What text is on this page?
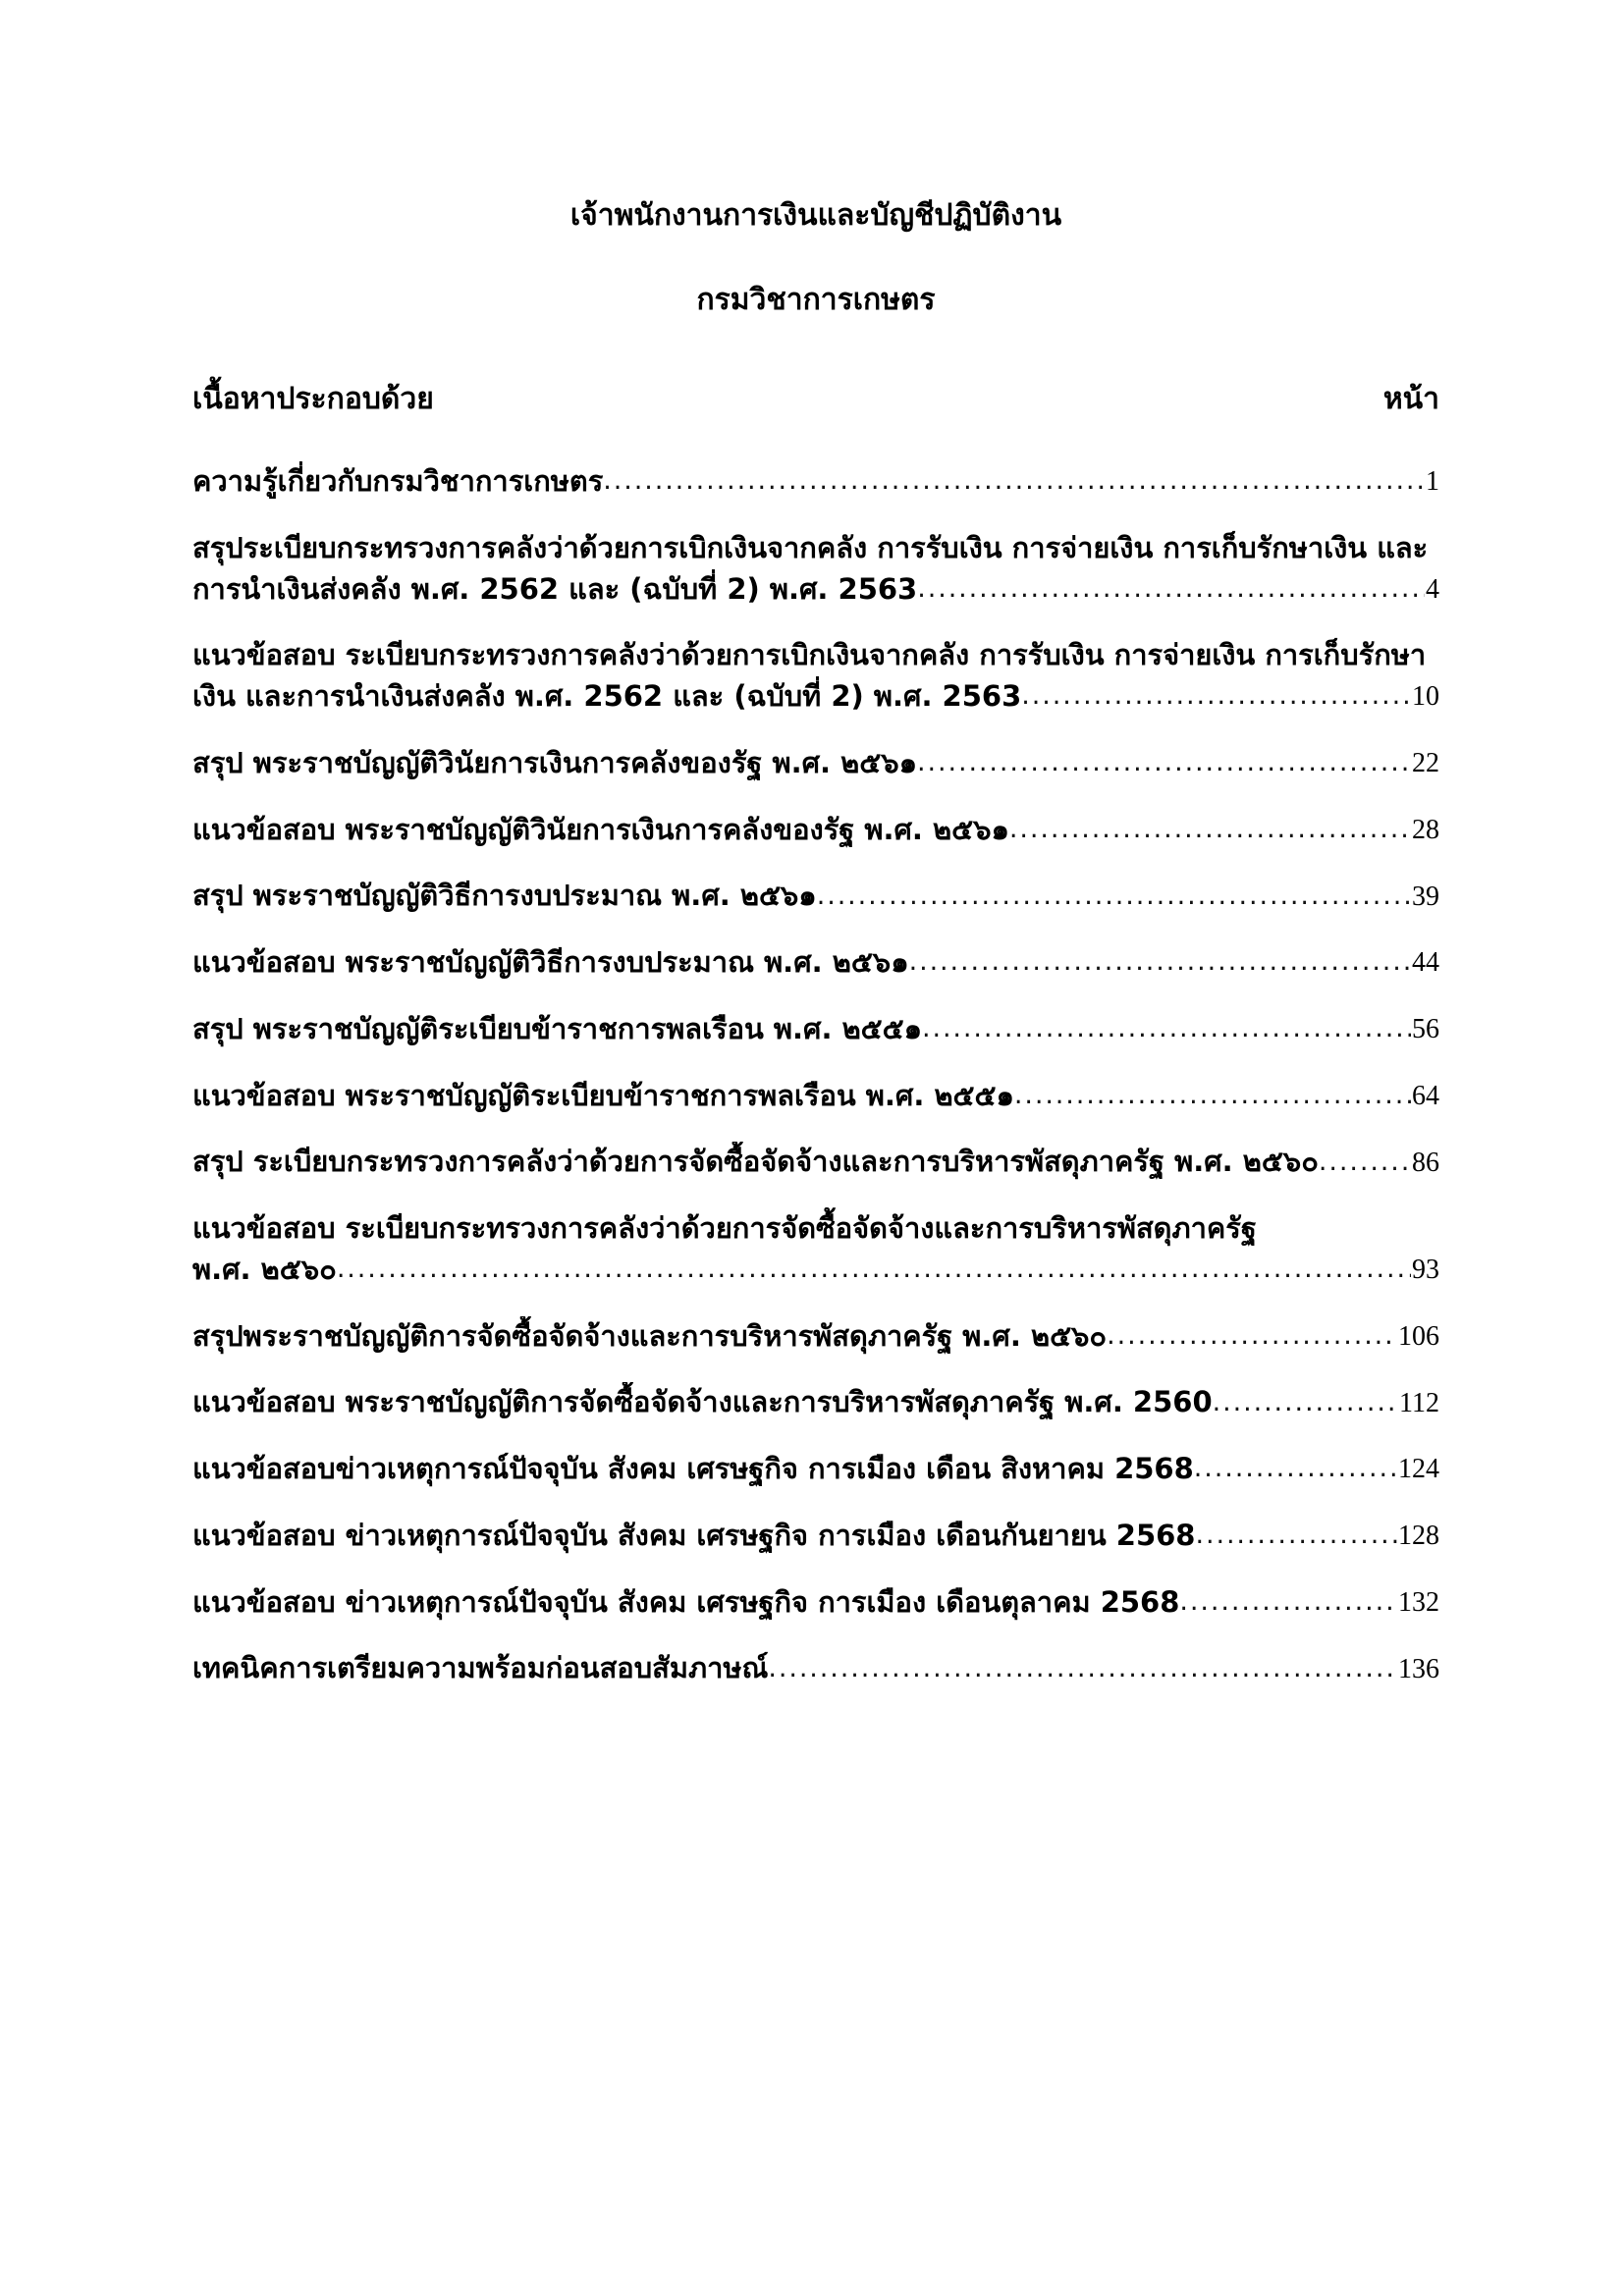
เจ้าพนักงานการเงินและบัญชีปฏิบัติงาน
กรมวิชาการเกษตร
เนื้อหาประกอบด้วย	หน้า
ความรู้เกี่ยวกับกรมวิชาการเกษตร .....	1
สรุประเบียบกระทรวงการคลังว่าด้วยการเบิกเงินจากคลัง การรับเงิน การจ่ายเงิน การเก็บรักษาเงิน และ
การนำเงินส่งคลัง พ.ศ. 2562 และ (ฉบับที่ 2) พ.ศ. 2563 .....	4
แนวข้อสอบ ระเบียบกระทรวงการคลังว่าด้วยการเบิกเงินจากคลัง การรับเงิน การจ่ายเงิน การเก็บรักษา
เงิน และการนำเงินส่งคลัง พ.ศ. 2562 และ (ฉบับที่ 2) พ.ศ. 2563 .....	10
สรุป พระราชบัญญัติวินัยการเงินการคลังของรัฐ พ.ศ. ๒๕๖๑ .....	22
แนวข้อสอบ พระราชบัญญัติวินัยการเงินการคลังของรัฐ พ.ศ. ๒๕๖๑ .....	28
สรุป พระราชบัญญัติวิธีการงบประมาณ พ.ศ. ๒๕๖๑ .....	39
แนวข้อสอบ พระราชบัญญัติวิธีการงบประมาณ พ.ศ. ๒๕๖๑ .....	44
สรุป พระราชบัญญัติระเบียบข้าราชการพลเรือน พ.ศ. ๒๕๕๑ .....	56
แนวข้อสอบ พระราชบัญญัติระเบียบข้าราชการพลเรือน พ.ศ. ๒๕๕๑ .....	64
สรุป ระเบียบกระทรวงการคลังว่าด้วยการจัดซื้อจัดจ้างและการบริหารพัสดุภาครัฐ พ.ศ. ๒๕๖๐ .....	86
แนวข้อสอบ ระเบียบกระทรวงการคลังว่าด้วยการจัดซื้อจัดจ้างและการบริหารพัสดุภาครัฐ
พ.ศ. ๒๕๖๐ .....	93
สรุปพระราชบัญญัติการจัดซื้อจัดจ้างและการบริหารพัสดุภาครัฐ พ.ศ. ๒๕๖๐ .....	106
แนวข้อสอบ พระราชบัญญัติการจัดซื้อจัดจ้างและการบริหารพัสดุภาครัฐ พ.ศ. 2560 .....	112
แนวข้อสอบข่าวเหตุการณ์ปัจจุบัน สังคม เศรษฐกิจ การเมือง เดือน สิงหาคม 2568 .....	124
แนวข้อสอบ ข่าวเหตุการณ์ปัจจุบัน สังคม เศรษฐกิจ การเมือง เดือนกันยายน 2568 .....	128
แนวข้อสอบ ข่าวเหตุการณ์ปัจจุบัน สังคม เศรษฐกิจ การเมือง เดือนตุลาคม 2568 .....	132
เทคนิคการเตรียมความพร้อมก่อนสอบสัมภาษณ์ .....	136
